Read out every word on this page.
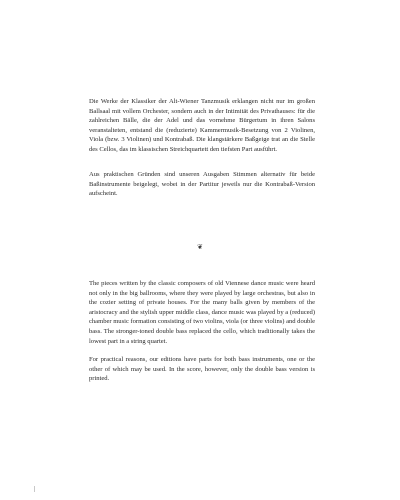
Die Werke der Klassiker der Alt-Wiener Tanzmusik erklangen nicht nur im großen Ballsaal mit vollem Orchester, sondern auch in der Intimität des Privathauses: für die zahlreichen Bälle, die der Adel und das vornehme Bürgertum in ihren Salons veranstalteten, entstand die (reduzierte) Kammermusik-Besetzung von 2 Violinen, Viola (bzw. 3 Violinen) und Kontrabaß. Die klangstärkere Baßgeige trat an die Stelle des Cellos, das im klassischen Streichquartett den tiefsten Part ausführt.

Aus praktischen Gründen sind unseren Ausgaben Stimmen alternativ für beide Baßinstrumente beigelegt, wobei in der Partitur jeweils nur die Kontrabaß-Version aufscheint.

❦

The pieces written by the classic composers of old Viennese dance music were heard not only in the big ballrooms, where they were played by large orchestras, but also in the cozier setting of private houses. For the many balls given by members of the aristocracy and the stylish upper middle class, dance music was played by a (reduced) chamber music formation consisting of two violins, viola (or three violins) and double bass. The stronger-toned double bass replaced the cello, which traditionally takes the lowest part in a string quartet.

For practical reasons, our editions have parts for both bass instruments, one or the other of which may be used. In the score, however, only the double bass version is printed.
